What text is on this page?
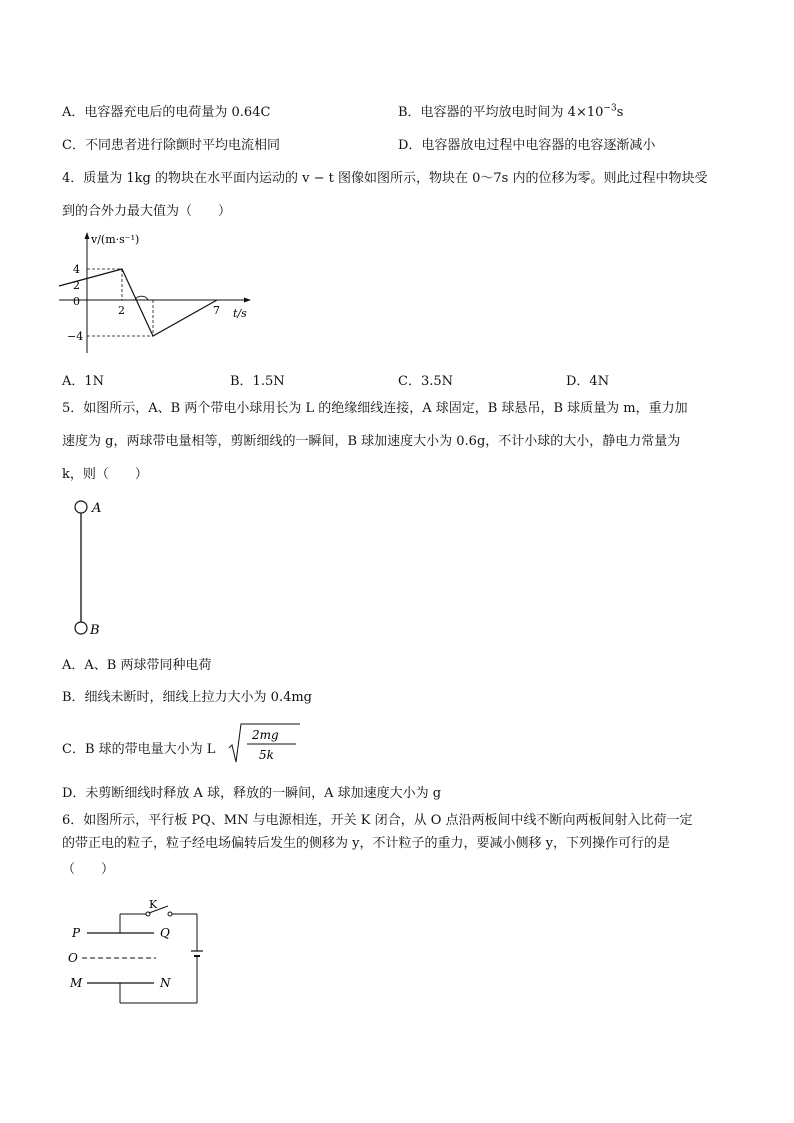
A．电容器充电后的电荷量为 0.64C	B．电容器的平均放电时间为 $4\times 10^{-3}s$
C．不同患者进行除颤时平均电流相同	D．电容器放电过程中电容器的电容逐渐减小
4．质量为 1kg 的物块在水平面内运动的 v − t 图像如图所示，物块在 0～7s 内的位移为零。则此过程中物块受
到的合外力最大值为（　　）
v/(m·s⁻¹)
4
2
0
−4
2	7 t/s
A．1N	B．1.5N	C．3.5N	D．4N
5．如图所示，A、B 两个带电小球用长为 L 的绝缘细线连接，A 球固定，B 球悬吊，B 球质量为 m，重力加
速度为 g，两球带电量相等，剪断细线的一瞬间，B 球加速度大小为 0.6g，不计小球的大小，静电力常量为
k，则（　　）
A
B
A．A、B 两球带同种电荷
B．细线未断时，细线上拉力大小为 0.4mg
C．B 球的带电量大小为 L
2mg
5k
D．未剪断细线时释放 A 球，释放的一瞬间，A 球加速度大小为 g
6．如图所示，平行板 PQ、MN 与电源相连，开关 K 闭合，从 O 点沿两板间中线不断向两板间射入比荷一定
的带正电的粒子，粒子经电场偏转后发生的侧移为 y，不计粒子的重力，要减小侧移 y，下列操作可行的是
（　　）
K
P	Q
O
M	N
